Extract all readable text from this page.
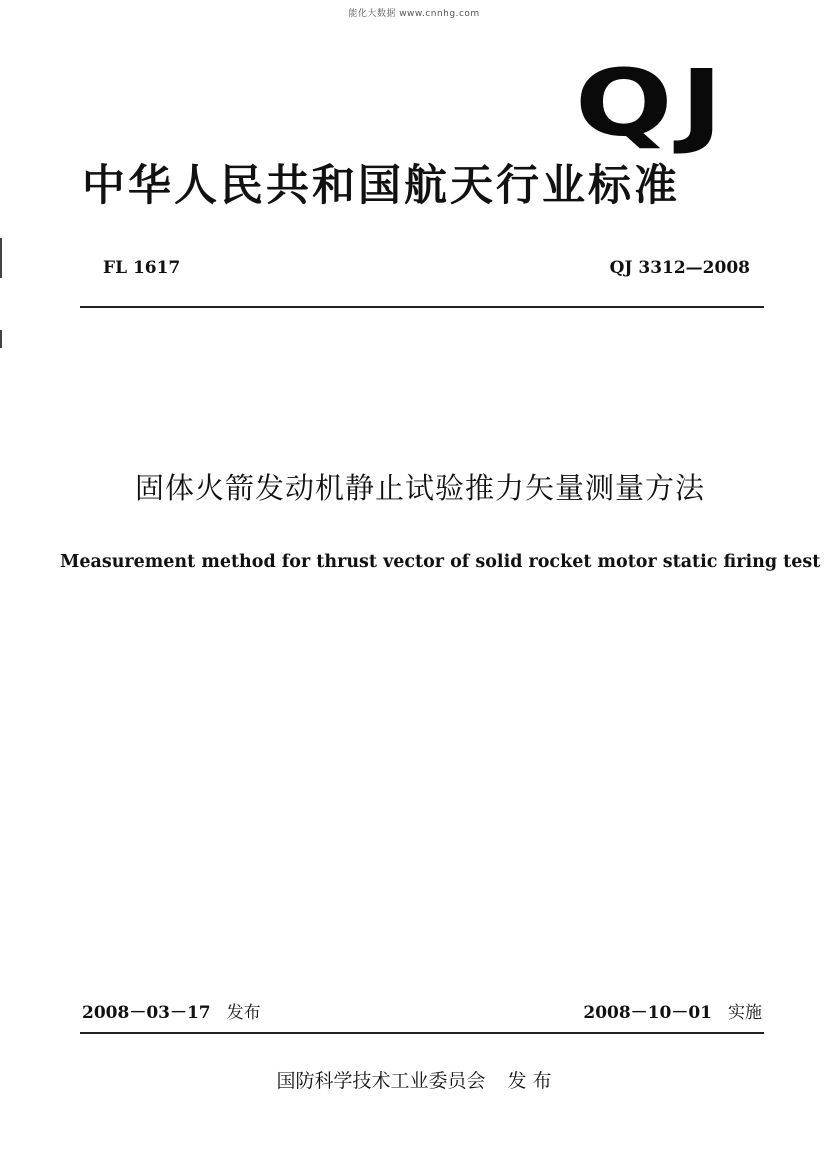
能化大数据 www.cnnhg.com
QJ
中华人民共和国航天行业标准
FL 1617	QJ 3312—2008
固体火箭发动机静止试验推力矢量测量方法
Measurement method for thrust vector of solid rocket motor static firing test
2008－03－17 发布	2008－10－01 实施
国防科学技术工业委员会 发 布
